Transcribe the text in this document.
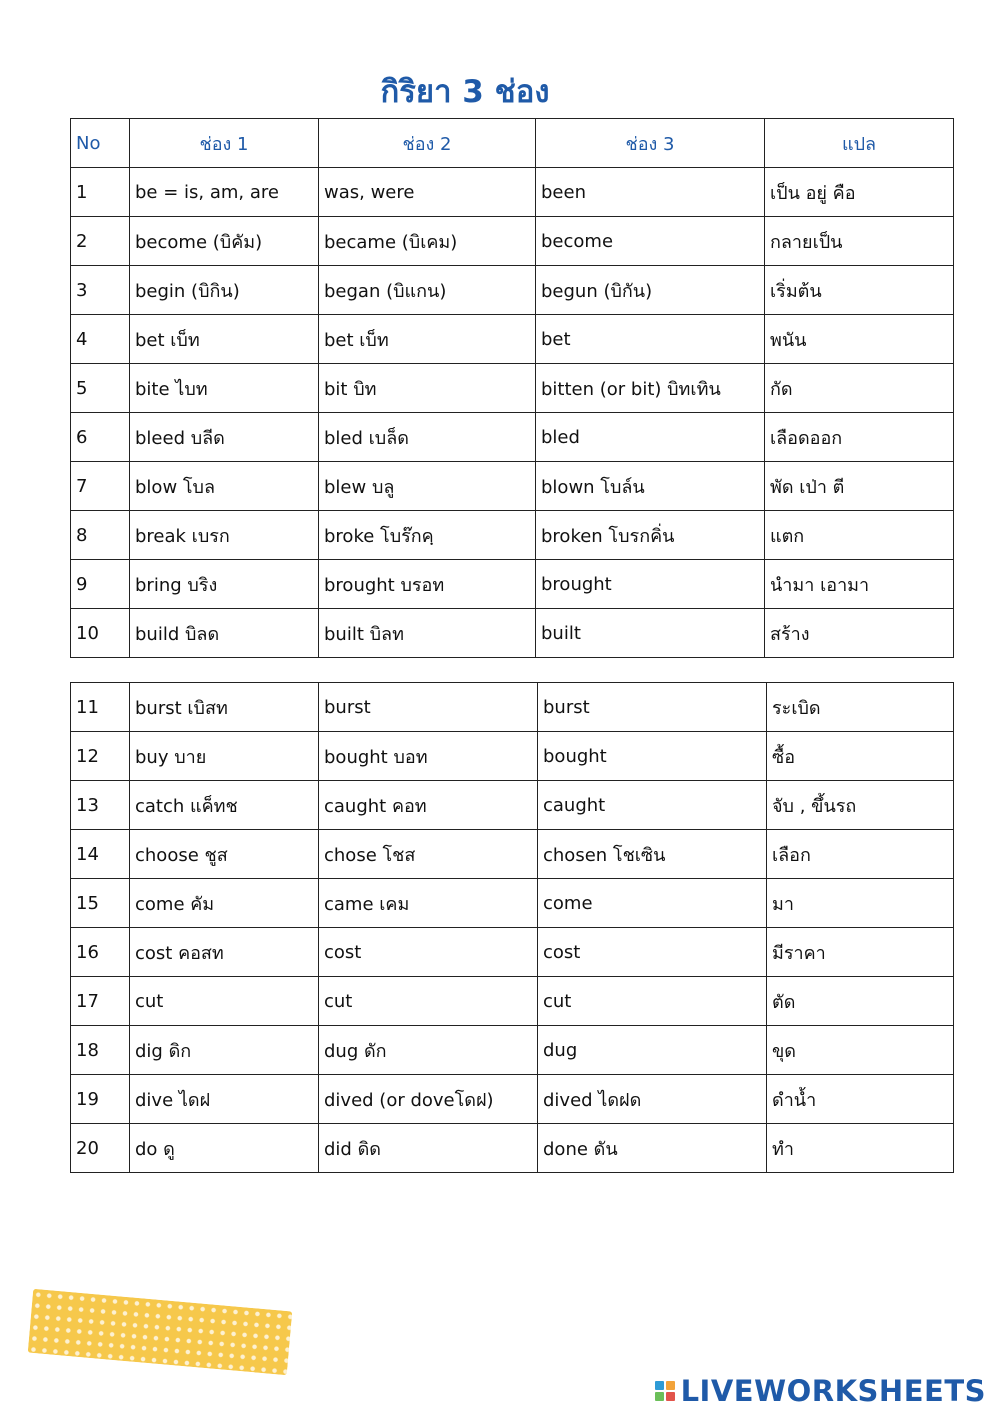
กิริยา 3 ช่อง
No	ช่อง 1	ช่อง 2	ช่อง 3	แปล
1	be = is, am, are	was, were	been	เป็น อยู่ คือ
2	become (บิคัม)	became (บิเคม)	become	กลายเป็น
3	begin (บิกิน)	began (บิแกน)	begun (บิกัน)	เริ่มต้น
4	bet เบ็ท	bet เบ็ท	bet	พนัน
5	bite ไบท	bit บิท	bitten (or bit) บิทเทิน	กัด
6	bleed บลีด	bled เบล็ด	bled	เลือดออก
7	blow โบล	blew บลู	blown โบล์น	พัด เป่า ตี
8	break เบรก	broke โบร๊กคฺ	broken โบรกคิ่น	แตก
9	bring บริง	brought บรอท	brought	นำมา เอามา
10	build บิลด	built บิลท	built	สร้าง
11	burst เบิสท	burst	burst	ระเบิด
12	buy บาย	bought บอท	bought	ซื้อ
13	catch แค็ทช	caught คอท	caught	จับ , ขึ้นรถ
14	choose ชูส	chose โชส	chosen โชเซิน	เลือก
15	come คัม	came เคม	come	มา
16	cost คอสท	cost	cost	มีราคา
17	cut	cut	cut	ตัด
18	dig ดิก	dug ดัก	dug	ขุด
19	dive ไดฝ	dived (or doveโดฝ)	dived ไดฝด	ดำน้ำ
20	do ดู	did ดิด	done ดัน	ทำ
LIVEWORKSHEETS
